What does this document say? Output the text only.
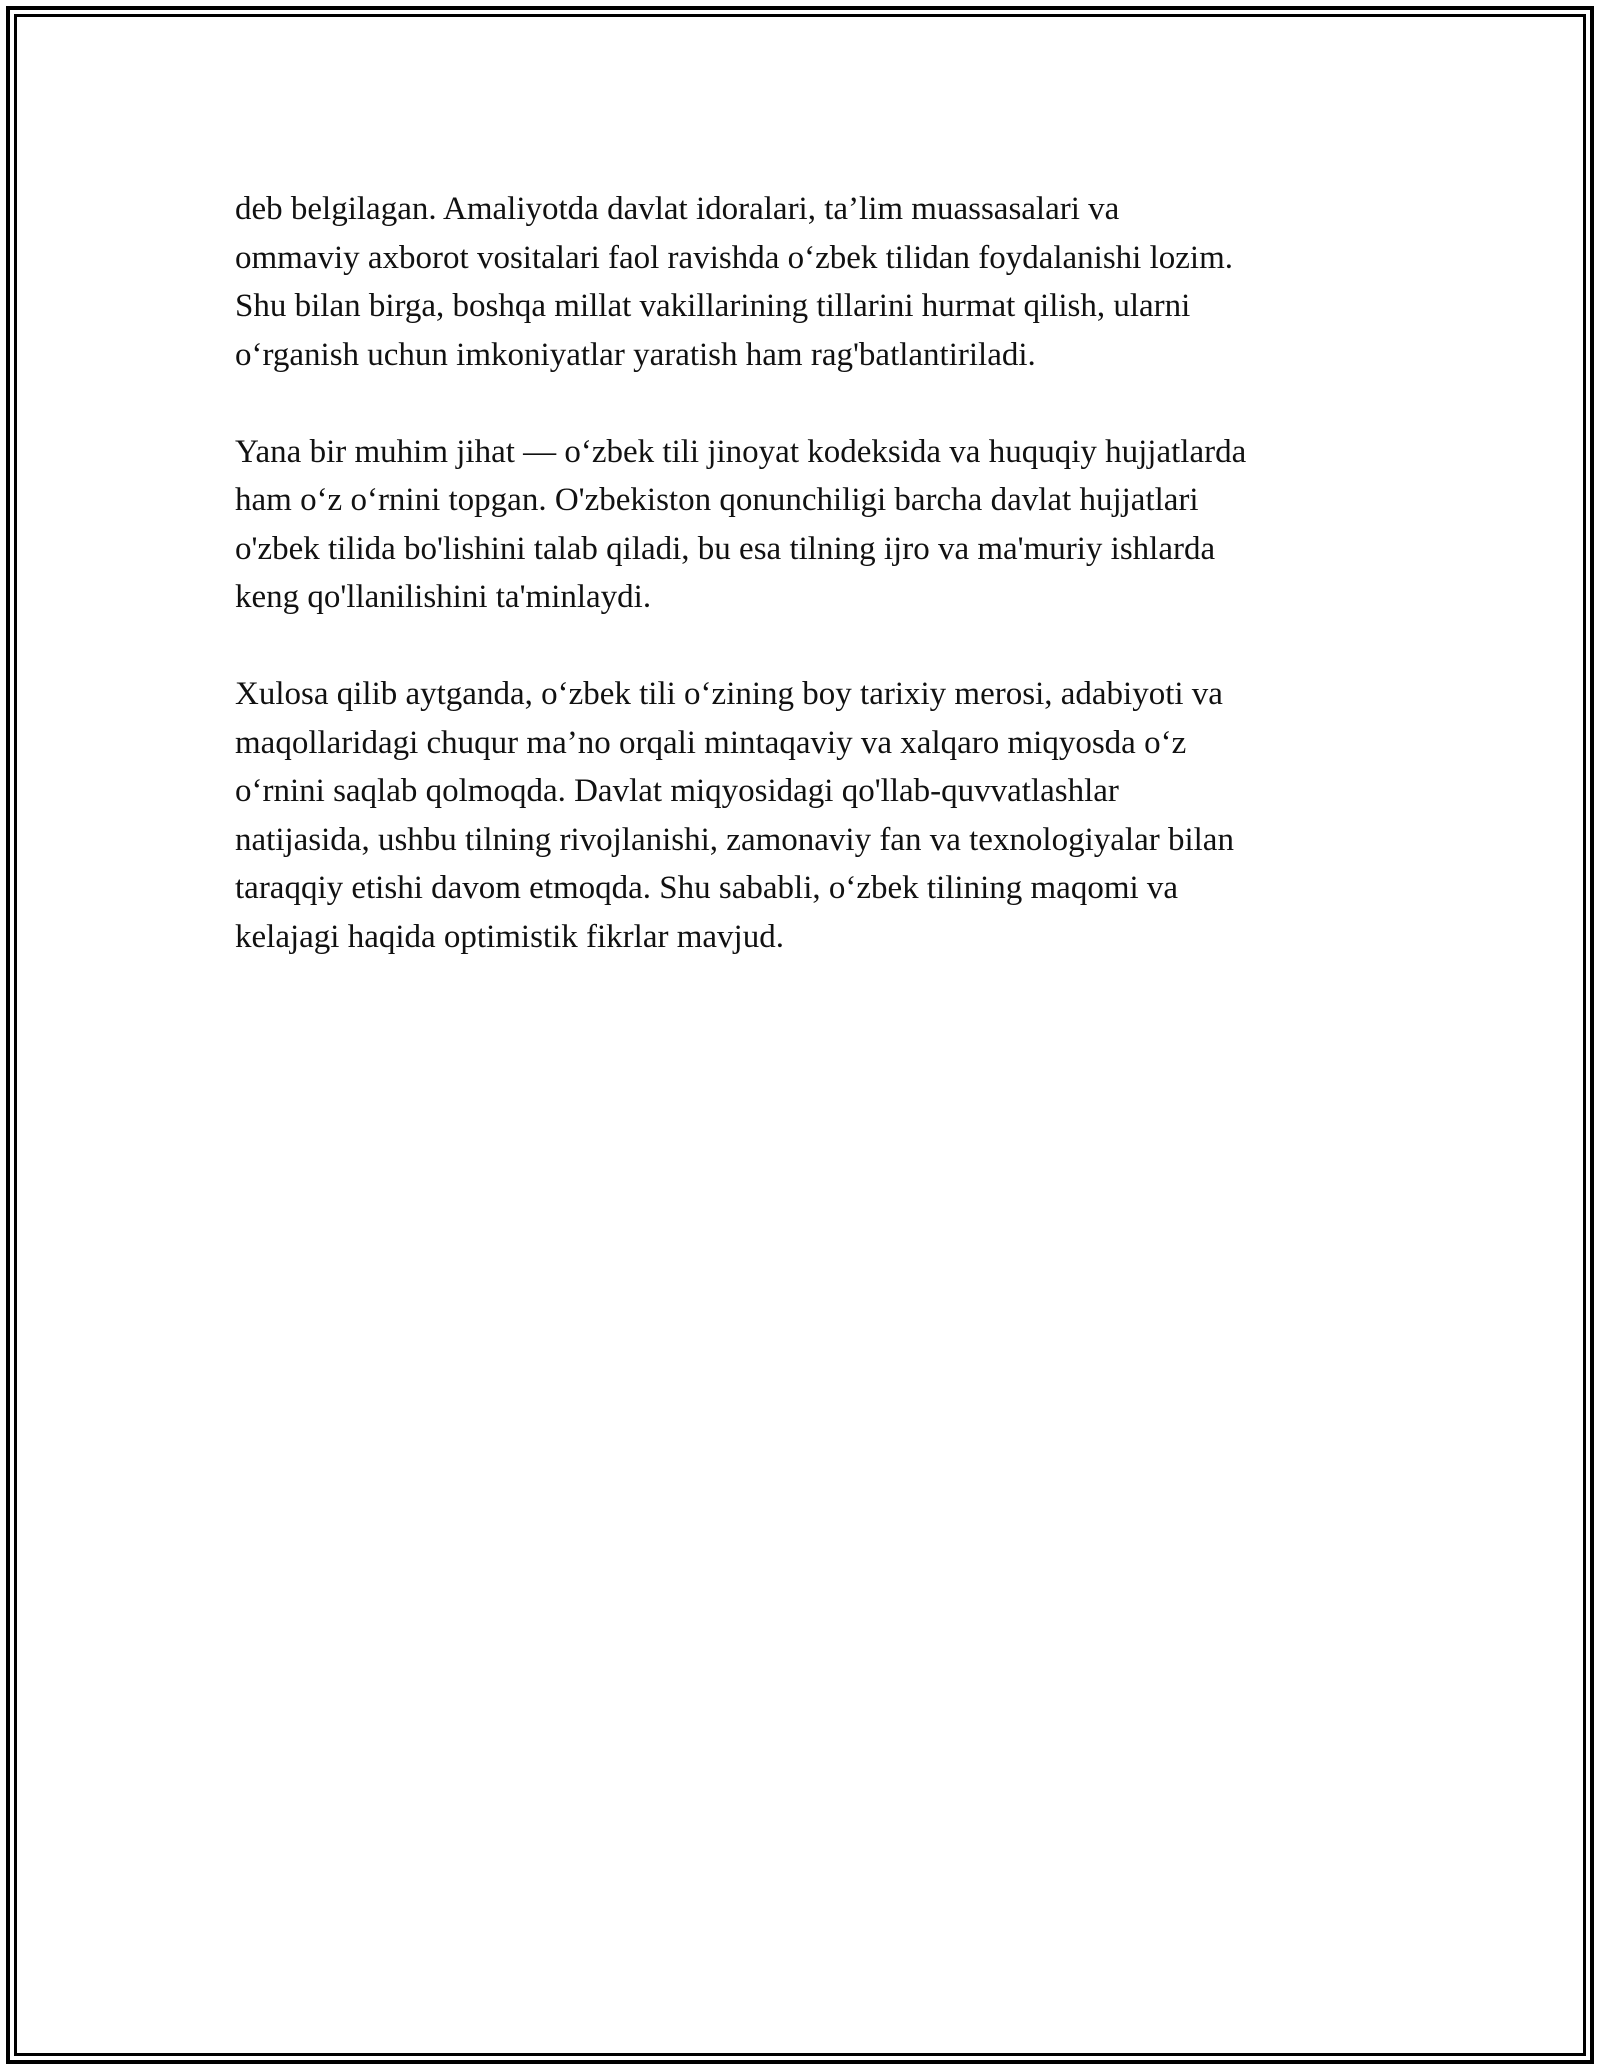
deb belgilagan. Amaliyotda davlat idoralari, ta’lim muassasalari va
ommaviy axborot vositalari faol ravishda o‘zbek tilidan foydalanishi lozim.
Shu bilan birga, boshqa millat vakillarining tillarini hurmat qilish, ularni
o‘rganish uchun imkoniyatlar yaratish ham rag'batlantiriladi.

Yana bir muhim jihat — o‘zbek tili jinoyat kodeksida va huquqiy hujjatlarda
ham o‘z o‘rnini topgan. O'zbekiston qonunchiligi barcha davlat hujjatlari
o'zbek tilida bo'lishini talab qiladi, bu esa tilning ijro va ma'muriy ishlarda
keng qo'llanilishini ta'minlaydi.

Xulosa qilib aytganda, o‘zbek tili o‘zining boy tarixiy merosi, adabiyoti va
maqollaridagi chuqur ma’no orqali mintaqaviy va xalqaro miqyosda o‘z
o‘rnini saqlab qolmoqda. Davlat miqyosidagi qo'llab-quvvatlashlar
natijasida, ushbu tilning rivojlanishi, zamonaviy fan va texnologiyalar bilan
taraqqiy etishi davom etmoqda. Shu sababli, o‘zbek tilining maqomi va
kelajagi haqida optimistik fikrlar mavjud.
